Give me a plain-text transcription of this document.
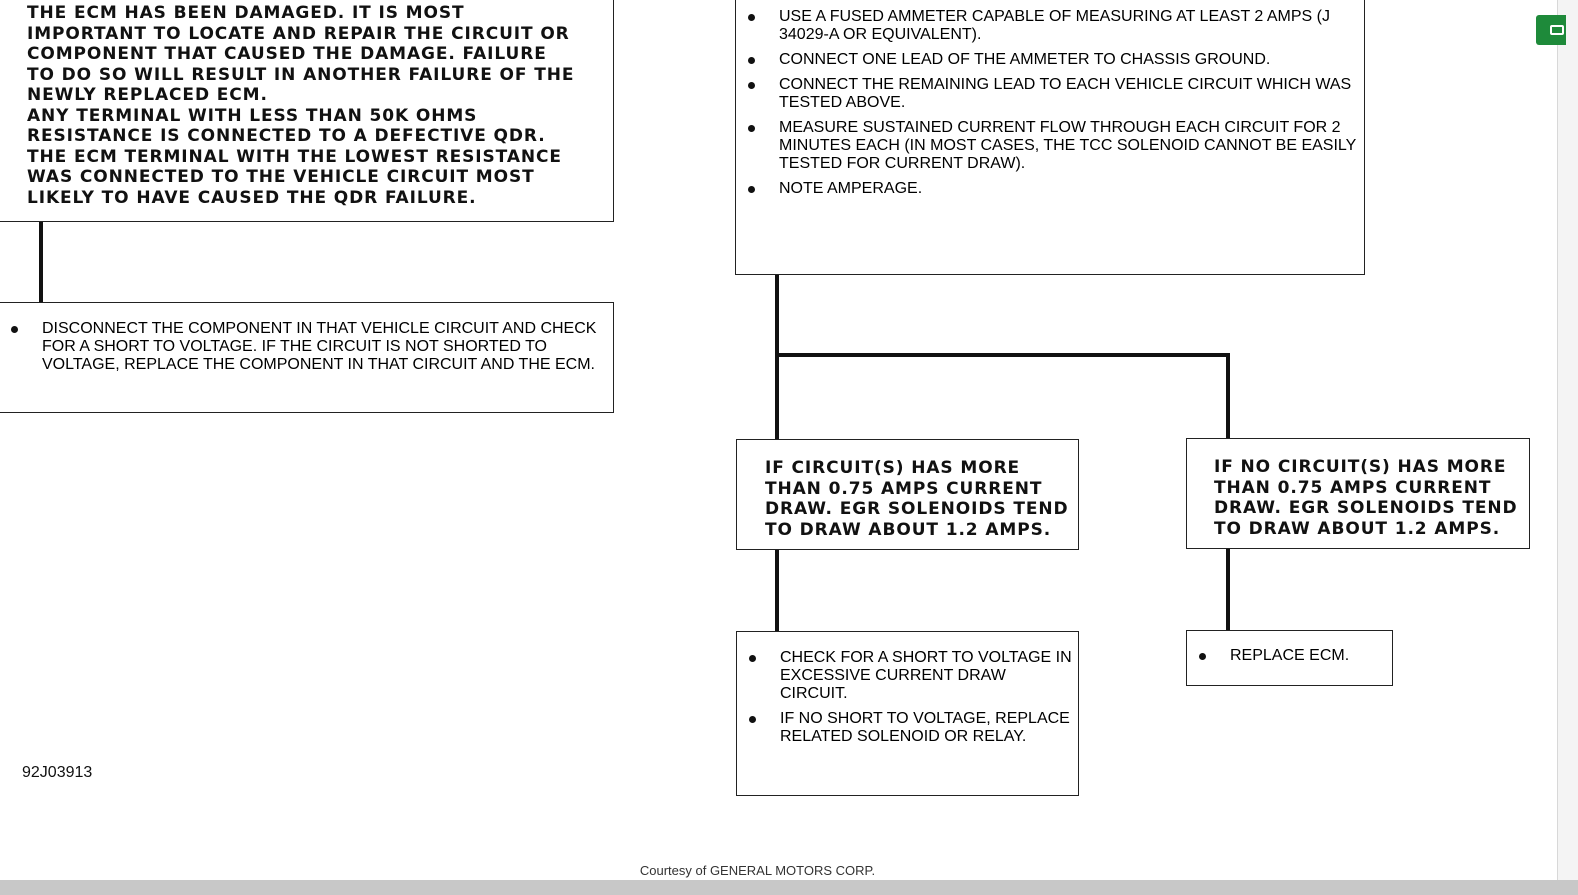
THE ECM HAS BEEN DAMAGED. IT IS MOST
IMPORTANT TO LOCATE AND REPAIR THE CIRCUIT OR
COMPONENT THAT CAUSED THE DAMAGE. FAILURE
TO DO SO WILL RESULT IN ANOTHER FAILURE OF THE
NEWLY REPLACED ECM.
ANY TERMINAL WITH LESS THAN 50K OHMS
RESISTANCE IS CONNECTED TO A DEFECTIVE QDR.
THE ECM TERMINAL WITH THE LOWEST RESISTANCE
WAS CONNECTED TO THE VEHICLE CIRCUIT MOST
LIKELY TO HAVE CAUSED THE QDR FAILURE.
DISCONNECT THE COMPONENT IN THAT VEHICLE CIRCUIT AND CHECK FOR A SHORT TO VOLTAGE. IF THE CIRCUIT IS NOT SHORTED TO VOLTAGE, REPLACE THE COMPONENT IN THAT CIRCUIT AND THE ECM.
USE A FUSED AMMETER CAPABLE OF MEASURING AT LEAST 2 AMPS (J 34029-A OR EQUIVALENT).
CONNECT ONE LEAD OF THE AMMETER TO CHASSIS GROUND.
CONNECT THE REMAINING LEAD TO EACH VEHICLE CIRCUIT WHICH WAS TESTED ABOVE.
MEASURE SUSTAINED CURRENT FLOW THROUGH EACH CIRCUIT FOR 2 MINUTES EACH (IN MOST CASES, THE TCC SOLENOID CANNOT BE EASILY TESTED FOR CURRENT DRAW).
NOTE AMPERAGE.
IF CIRCUIT(S) HAS MORE
THAN 0.75 AMPS CURRENT
DRAW. EGR SOLENOIDS TEND
TO DRAW ABOUT 1.2 AMPS.
IF NO CIRCUIT(S) HAS MORE
THAN 0.75 AMPS CURRENT
DRAW. EGR SOLENOIDS TEND
TO DRAW ABOUT 1.2 AMPS.
CHECK FOR A SHORT TO VOLTAGE IN EXCESSIVE CURRENT DRAW CIRCUIT.
IF NO SHORT TO VOLTAGE, REPLACE RELATED SOLENOID OR RELAY.
REPLACE ECM.
92J03913
Courtesy of GENERAL MOTORS CORP.
